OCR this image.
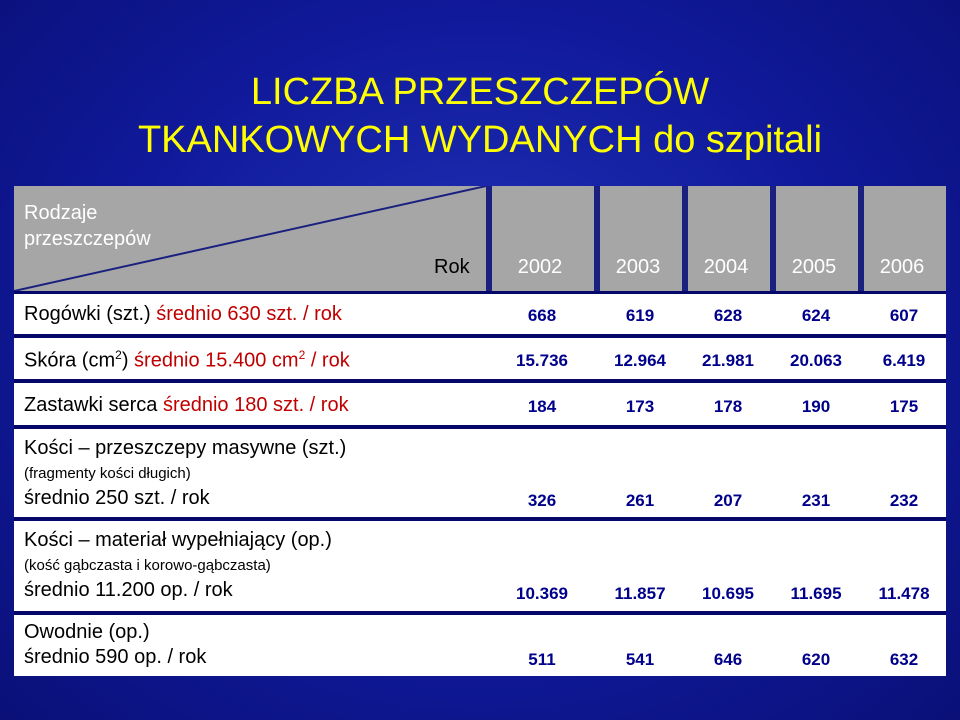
LICZBA PRZESZCZEPÓW
TKANKOWYCH WYDANYCH do szpitali
Rodzaje
przeszczepów
Rok	2002	2003	2004	2005	2006
Rogówki (szt.) średnio 630 szt. / rok	668	619	628	624	607
Skóra $(cm^2)$ średnio 15.400 $cm^2$ / rok	15.736	12.964	21.981	20.063	6.419
Zastawki serca średnio 180 szt. / rok	184	173	178	190	175
Kości – przeszczepy masywne (szt.)
(fragmenty kości długich)
średnio 250 szt. / rok	326	261	207	231	232
Kości – materiał wypełniający (op.)
(kość gąbczasta i korowo-gąbczasta)
średnio 11.200 op. / rok	10.369	11.857	10.695	11.695	11.478
Owodnie (op.)
średnio 590 op. / rok	511	541	646	620	632
